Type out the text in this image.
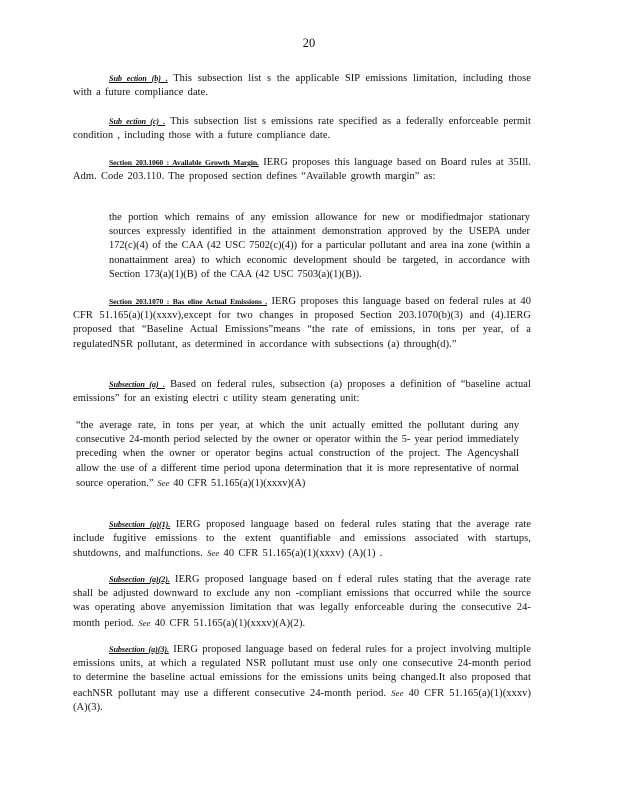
20
Sub ection (b) . This subsection list s the applicable SIP emissions limitation, including those with a future compliance date.
Sub ection (c) . This subsection list s emissions rate specified as a federally enforceable permit condition , including those with a future compliance date.
Section 203.1060 : Available Growth Margin. IERG proposes this language based on Board rules at 35Ill. Adm. Code 203.110. The proposed section defines “Available growth margin” as:
the portion which remains of any emission allowance for new or modifiedmajor stationary sources expressly identified in the attainment demonstration approved by the USEPA under 172(c)(4) of the CAA (42 USC 7502(c)(4)) for a particular pollutant and area ina zone (within a nonattainment area) to which economic development should be targeted, in accordance with Section 173(a)(1)(B) of the CAA (42 USC 7503(a)(1)(B)).
Section 203.1070 : Bas eline Actual Emissions . IERG proposes this language based on federal rules at 40 CFR 51.165(a)(1)(xxxv),except for two changes in proposed Section 203.1070(b)(3) and (4).IERG proposed that “Baseline Actual Emissions”means “the rate of emissions, in tons per year, of a regulatedNSR pollutant, as determined in accordance with subsections (a) through(d).”
Subsection (a) . Based on federal rules, subsection (a) proposes a definition of “baseline actual emissions” for an existing electri c utility steam generating unit:
“the average rate, in tons per year, at which the unit actually emitted the pollutant during any consecutive 24-month period selected by the owner or operator within the 5- year period immediately preceding when the owner or operator begins actual construction of the project. The Agencyshall allow the use of a different time period upona determination that it is more representative of normal source operation.” See 40 CFR 51.165(a)(1)(xxxv)(A)
Subsection (a)(1). IERG proposed language based on federal rules stating that the average rate include fugitive emissions to the extent quantifiable and emissions associated with startups, shutdowns, and malfunctions. See 40 CFR 51.165(a)(1)(xxxv) (A)(1) .
Subsection (a)(2). IERG proposed language based on f ederal rules stating that the average rate shall be adjusted downward to exclude any non -compliant emissions that occurred while the source was operating above anyemission limitation that was legally enforceable during the consecutive 24-month period. See 40 CFR 51.165(a)(1)(xxxv)(A)(2).
Subsection (a)(3). IERG proposed language based on federal rules for a project involving multiple emissions units, at which a regulated NSR pollutant must use only one consecutive 24-month period to determine the baseline actual emissions for the emissions units being changed.It also proposed that eachNSR pollutant may use a different consecutive 24-month period. See 40 CFR 51.165(a)(1)(xxxv)(A)(3).
